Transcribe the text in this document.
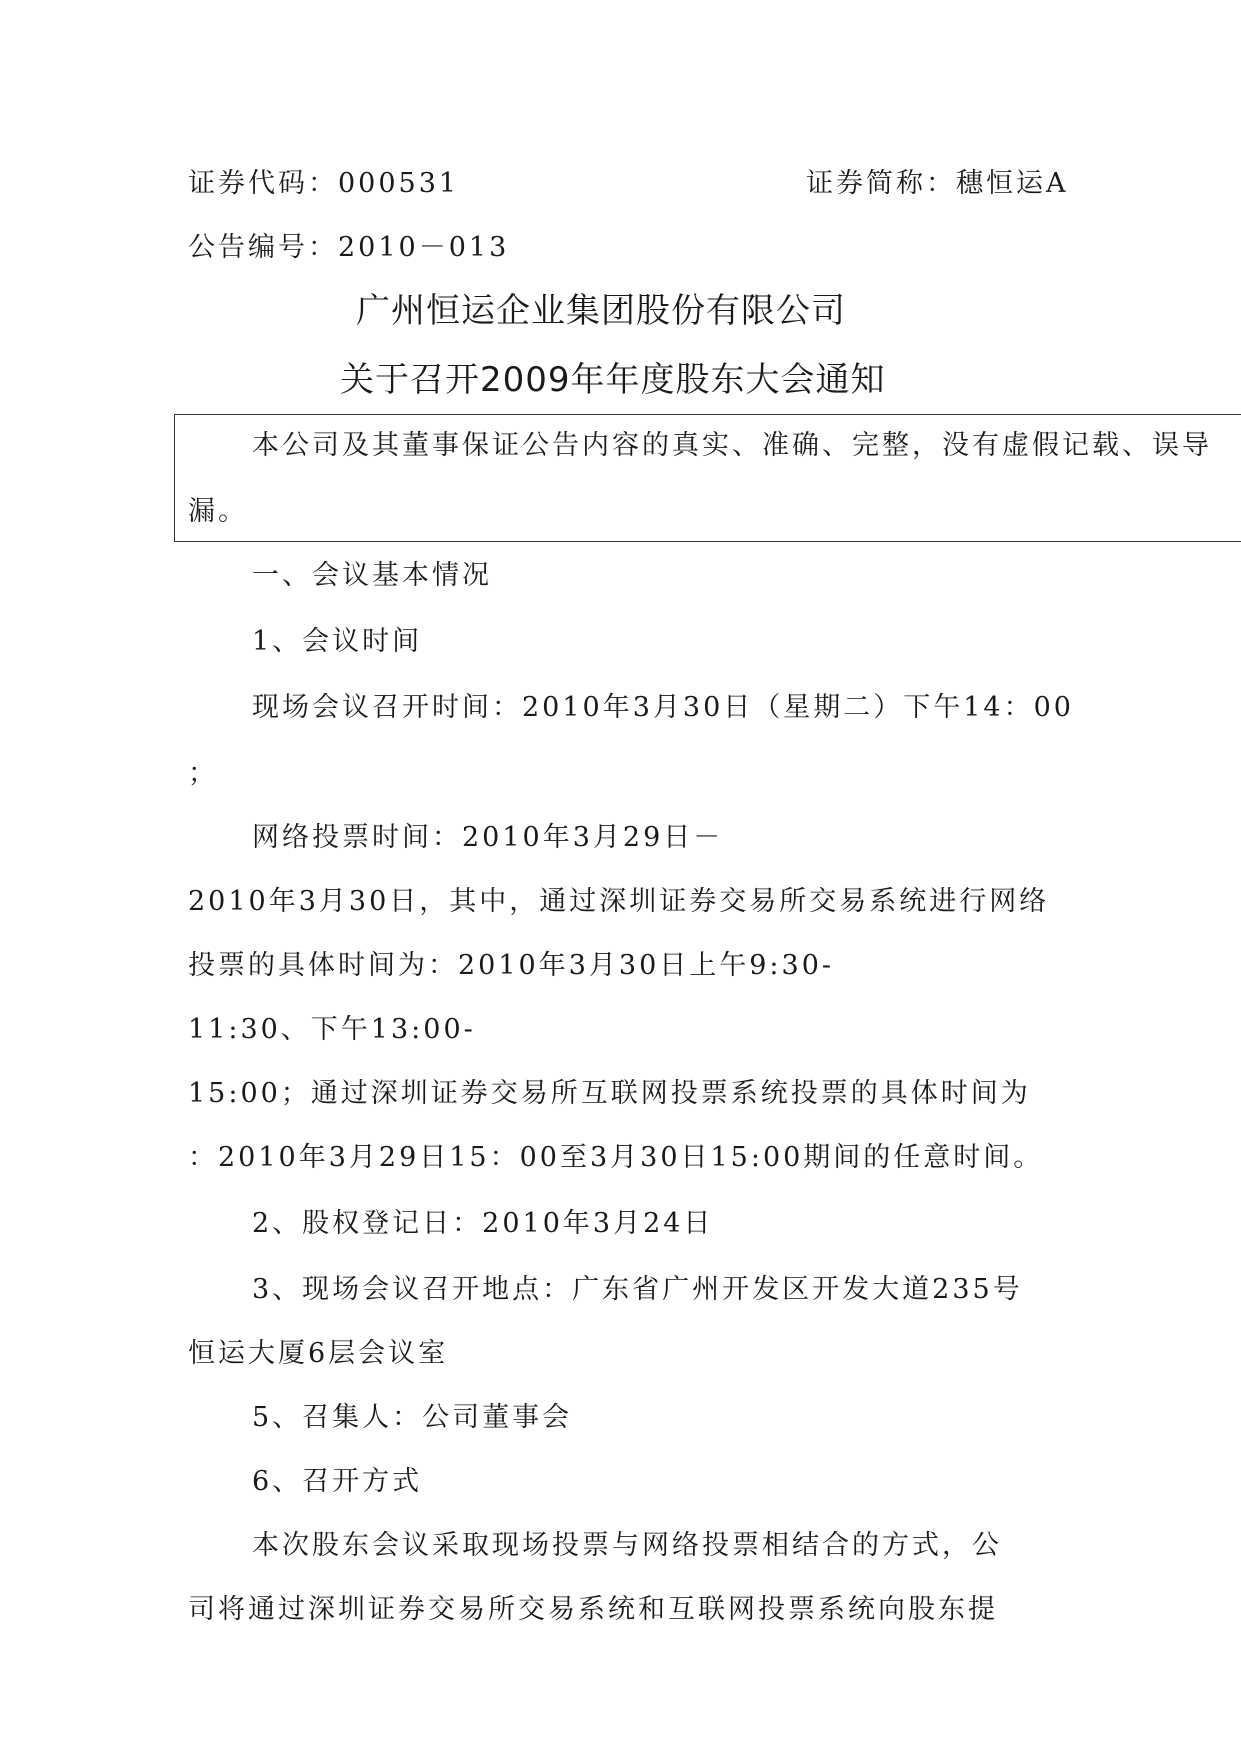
证券代码：000531	证券简称：穗恒运A
公告编号：2010－013
广州恒运企业集团股份有限公司
关于召开2009年年度股东大会通知
本公司及其董事保证公告内容的真实、准确、完整，没有虚假记载、误导
漏。
一、会议基本情况
1、会议时间
现场会议召开时间：2010年3月30日（星期二）下午14：00
；
网络投票时间：2010年3月29日－
2010年3月30日，其中，通过深圳证券交易所交易系统进行网络
投票的具体时间为：2010年3月30日上午9:30-
11:30、下午13:00-
15:00；通过深圳证券交易所互联网投票系统投票的具体时间为
：2010年3月29日15：00至3月30日15:00期间的任意时间。
2、股权登记日：2010年3月24日
3、现场会议召开地点：广东省广州开发区开发大道235号
恒运大厦6层会议室
5、召集人：公司董事会
6、召开方式
本次股东会议采取现场投票与网络投票相结合的方式，公
司将通过深圳证券交易所交易系统和互联网投票系统向股东提
